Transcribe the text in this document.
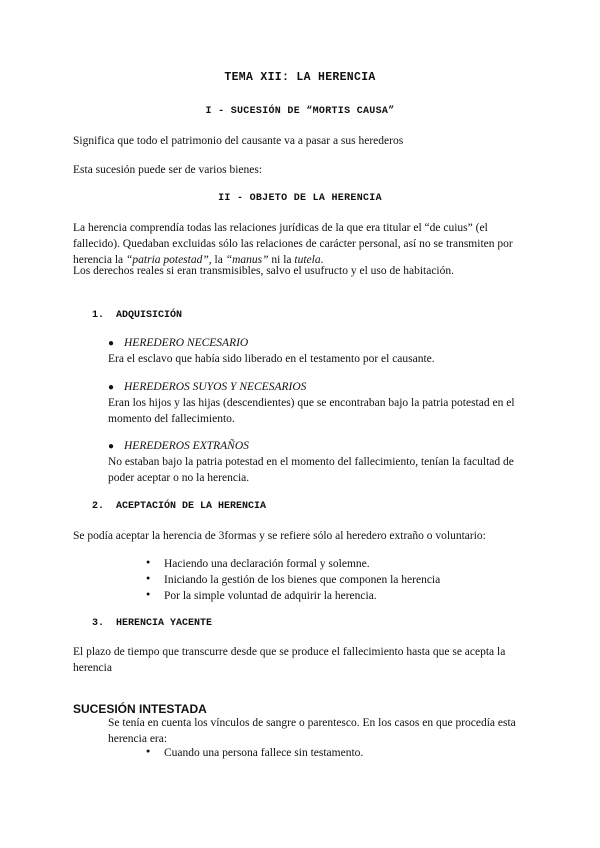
TEMA XII: LA HERENCIA
I - SUCESIÓN DE “MORTIS CAUSA”

Significa que todo el patrimonio del causante va a pasar a sus herederos

Esta sucesión puede ser de varios bienes:

II - OBJETO DE LA HERENCIA

La herencia comprendía todas las relaciones jurídicas de la que era titular el “de cuius” (el fallecido). Quedaban excluidas sólo las relaciones de carácter personal, así no se transmiten por herencia la “patria potestad”, la “manus” ni la tutela.

Los derechos reales si eran transmisibles, salvo el usufructo y el uso de habitación.

1. ADQUISICIÓN
● HEREDERO NECESARIO

Era el esclavo que había sido liberado en el testamento por el causante.

● HEREDEROS SUYOS Y NECESARIOS

Eran los hijos y las hijas (descendientes) que se encontraban bajo la patria potestad en el momento del fallecimiento.

● HEREDEROS EXTRAÑOS

No estaban bajo la patria potestad en el momento del fallecimiento, tenían la facultad de poder aceptar o no la herencia.

2. ACEPTACIÓN DE LA HERENCIA

Se podía aceptar la herencia de 3formas y se refiere sólo al heredero extraño o voluntario:

● Haciendo una declaración formal y solemne.
● Iniciando la gestión de los bienes que componen la herencia
● Por la simple voluntad de adquirir la herencia.
3. HERENCIA YACENTE

El plazo de tiempo que transcurre desde que se produce el fallecimiento hasta que se acepta la herencia

SUCESIÓN INTESTADA

Se tenía en cuenta los vínculos de sangre o parentesco. En los casos en que procedía esta herencia era:

● Cuando una persona fallece sin testamento.
